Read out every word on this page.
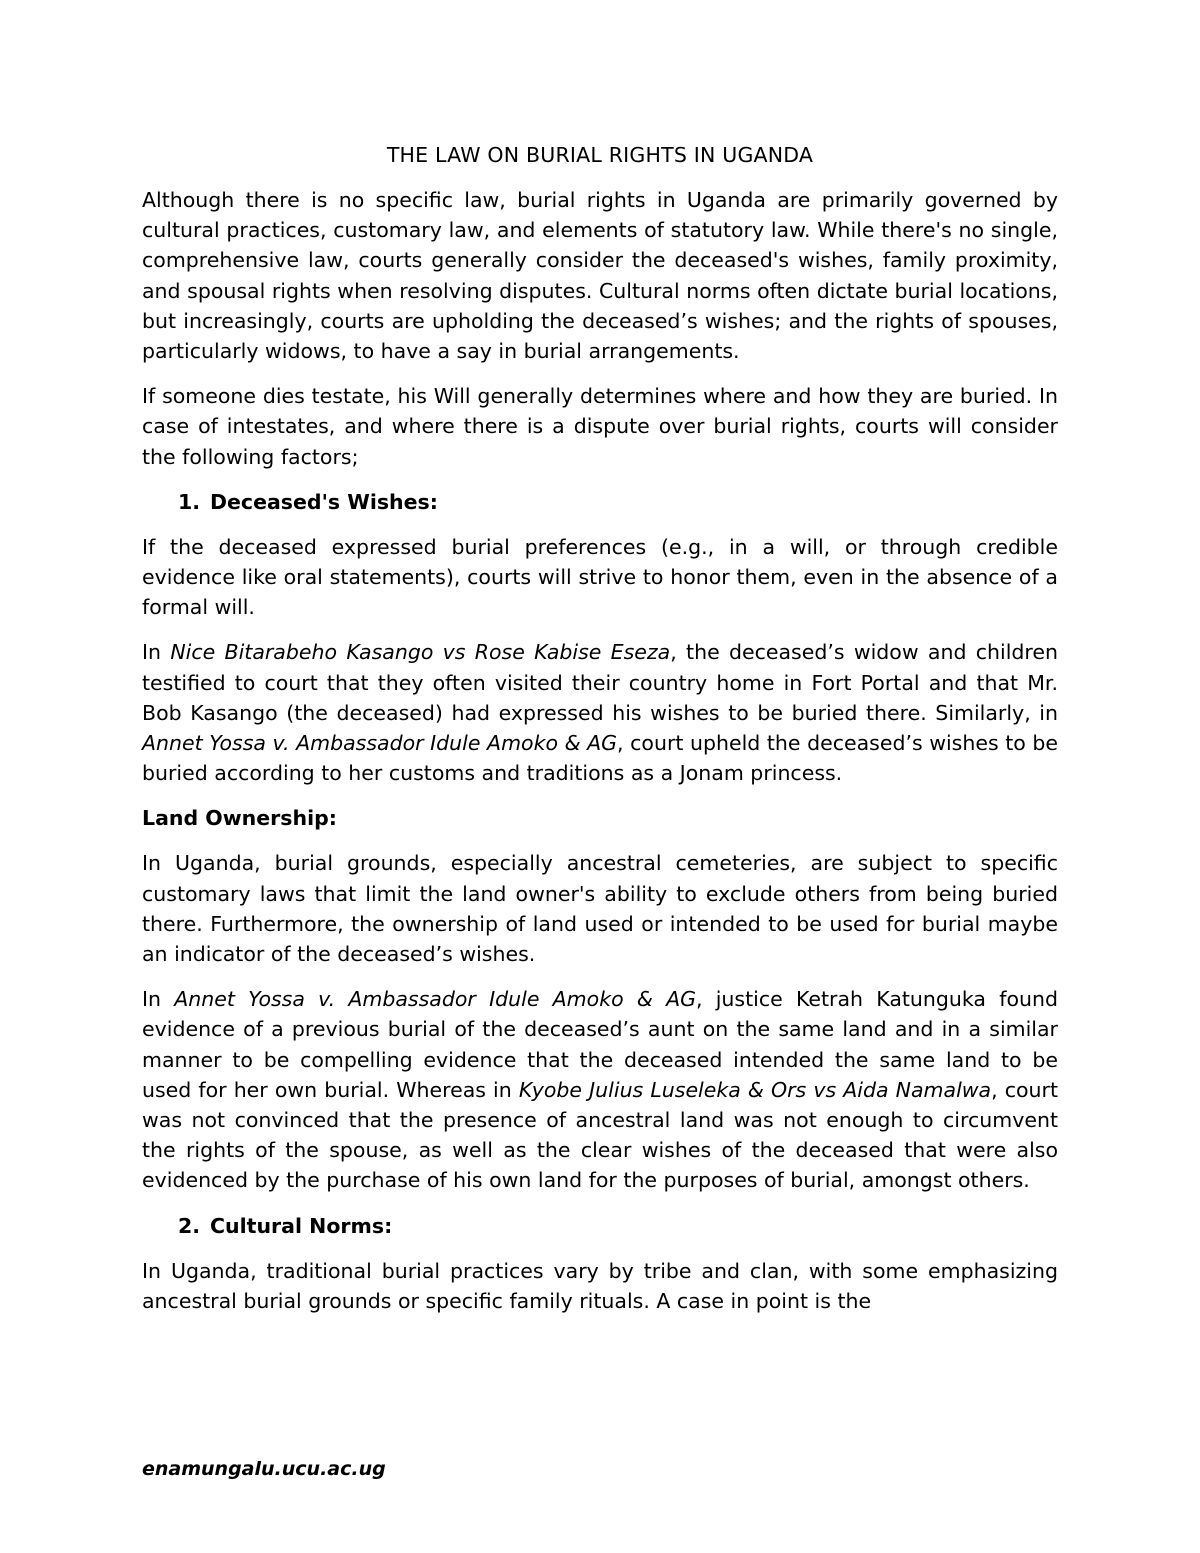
THE LAW ON BURIAL RIGHTS IN UGANDA

Although there is no specific law, burial rights in Uganda are primarily governed by cultural practices, customary law, and elements of statutory law. While there's no single, comprehensive law, courts generally consider the deceased's wishes, family proximity, and spousal rights when resolving disputes. Cultural norms often dictate burial locations, but increasingly, courts are upholding the deceased’s wishes; and the rights of spouses, particularly widows, to have a say in burial arrangements.

If someone dies testate, his Will generally determines where and how they are buried. In case of intestates, and where there is a dispute over burial rights, courts will consider the following factors;

1. Deceased's Wishes:

If the deceased expressed burial preferences (e.g., in a will, or through credible evidence like oral statements), courts will strive to honor them, even in the absence of a formal will.

In Nice Bitarabeho Kasango vs Rose Kabise Eseza, the deceased’s widow and children testified to court that they often visited their country home in Fort Portal and that Mr. Bob Kasango (the deceased) had expressed his wishes to be buried there. Similarly, in Annet Yossa v. Ambassador Idule Amoko & AG, court upheld the deceased’s wishes to be buried according to her customs and traditions as a Jonam princess.

Land Ownership:

In Uganda, burial grounds, especially ancestral cemeteries, are subject to specific customary laws that limit the land owner's ability to exclude others from being buried there. Furthermore, the ownership of land used or intended to be used for burial maybe an indicator of the deceased’s wishes.

In Annet Yossa v. Ambassador Idule Amoko & AG, justice Ketrah Katunguka found evidence of a previous burial of the deceased’s aunt on the same land and in a similar manner to be compelling evidence that the deceased intended the same land to be used for her own burial. Whereas in Kyobe Julius Luseleka & Ors vs Aida Namalwa, court was not convinced that the presence of ancestral land was not enough to circumvent the rights of the spouse, as well as the clear wishes of the deceased that were also evidenced by the purchase of his own land for the purposes of burial, amongst others.

2. Cultural Norms:

In Uganda, traditional burial practices vary by tribe and clan, with some emphasizing ancestral burial grounds or specific family rituals. A case in point is the

enamungalu.ucu.ac.ug
